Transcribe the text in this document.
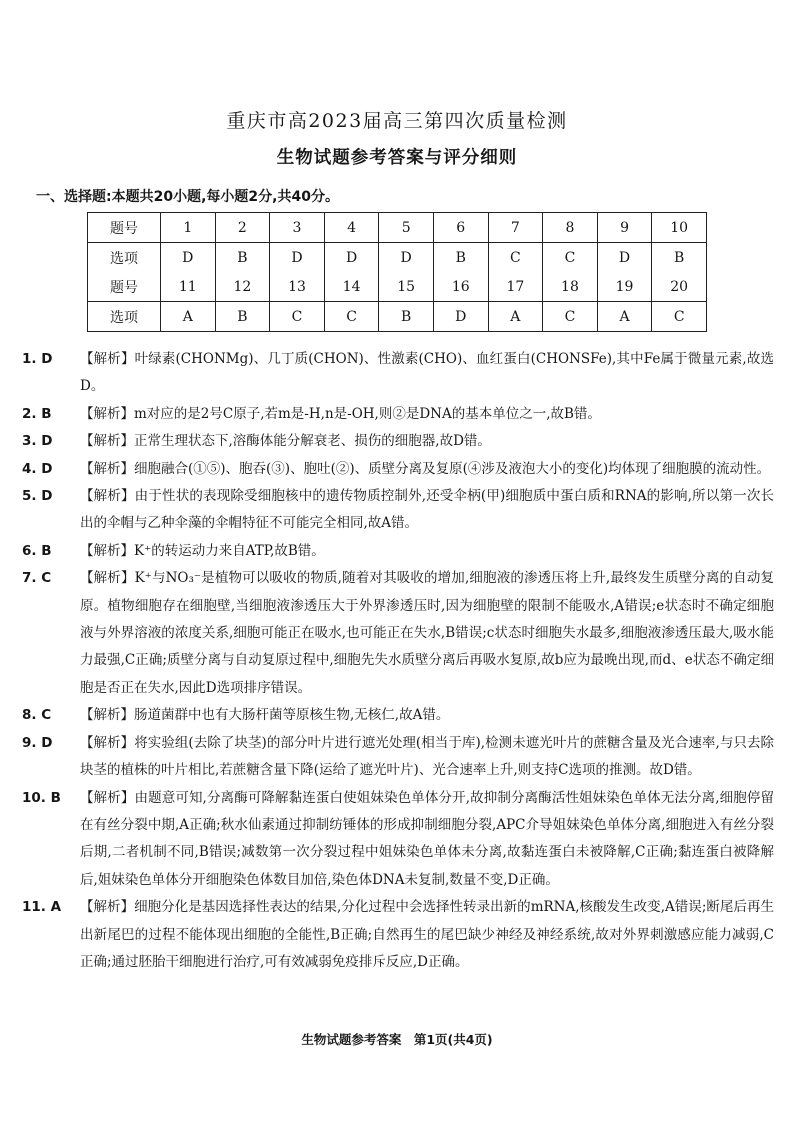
重庆市高2023届高三第四次质量检测
生物试题参考答案与评分细则
一、选择题:本题共20小题,每小题2分,共40分。
题号	1	2	3	4	5	6	7	8	9	10
选项	D	B	D	D	D	B	C	C	D	B
题号	11	12	13	14	15	16	17	18	19	20
选项	A	B	C	C	B	D	A	C	A	C
1. D 【解析】叶绿素(CHONMg)、几丁质(CHON)、性激素(CHO)、血红蛋白(CHONSFe),其中Fe属于微量元素,故选D。
2. B 【解析】m对应的是2号C原子,若m是-H,n是-OH,则②是DNA的基本单位之一,故B错。
3. D 【解析】正常生理状态下,溶酶体能分解衰老、损伤的细胞器,故D错。
4. D 【解析】细胞融合(①⑤)、胞吞(③)、胞吐(②)、质壁分离及复原(④涉及液泡大小的变化)均体现了细胞膜的流动性。
5. D 【解析】由于性状的表现除受细胞核中的遗传物质控制外,还受伞柄(甲)细胞质中蛋白质和RNA的影响,所以第一次长出的伞帽与乙种伞藻的伞帽特征不可能完全相同,故A错。
6. B 【解析】K⁺的转运动力来自ATP,故B错。
7. C 【解析】K⁺与NO₃⁻是植物可以吸收的物质,随着对其吸收的增加,细胞液的渗透压将上升,最终发生质壁分离的自动复原。植物细胞存在细胞壁,当细胞液渗透压大于外界渗透压时,因为细胞壁的限制不能吸水,A错误;e状态时不确定细胞液与外界溶液的浓度关系,细胞可能正在吸水,也可能正在失水,B错误;c状态时细胞失水最多,细胞液渗透压最大,吸水能力最强,C正确;质壁分离与自动复原过程中,细胞先失水质壁分离后再吸水复原,故b应为最晚出现,而d、e状态不确定细胞是否正在失水,因此D选项排序错误。
8. C 【解析】肠道菌群中也有大肠杆菌等原核生物,无核仁,故A错。
9. D 【解析】将实验组(去除了块茎)的部分叶片进行遮光处理(相当于库),检测未遮光叶片的蔗糖含量及光合速率,与只去除块茎的植株的叶片相比,若蔗糖含量下降(运给了遮光叶片)、光合速率上升,则支持C选项的推测。故D错。
10. B 【解析】由题意可知,分离酶可降解黏连蛋白使姐妹染色单体分开,故抑制分离酶活性姐妹染色单体无法分离,细胞停留在有丝分裂中期,A正确;秋水仙素通过抑制纺锤体的形成抑制细胞分裂,APC介导姐妹染色单体分离,细胞进入有丝分裂后期,二者机制不同,B错误;减数第一次分裂过程中姐妹染色单体未分离,故黏连蛋白未被降解,C正确;黏连蛋白被降解后,姐妹染色单体分开细胞染色体数目加倍,染色体DNA未复制,数量不变,D正确。
11. A 【解析】细胞分化是基因选择性表达的结果,分化过程中会选择性转录出新的mRNA,核酸发生改变,A错误;断尾后再生出新尾巴的过程不能体现出细胞的全能性,B正确;自然再生的尾巴缺少神经及神经系统,故对外界刺激感应能力减弱,C正确;通过胚胎干细胞进行治疗,可有效减弱免疫排斥反应,D正确。
生物试题参考答案　第1页(共4页)
